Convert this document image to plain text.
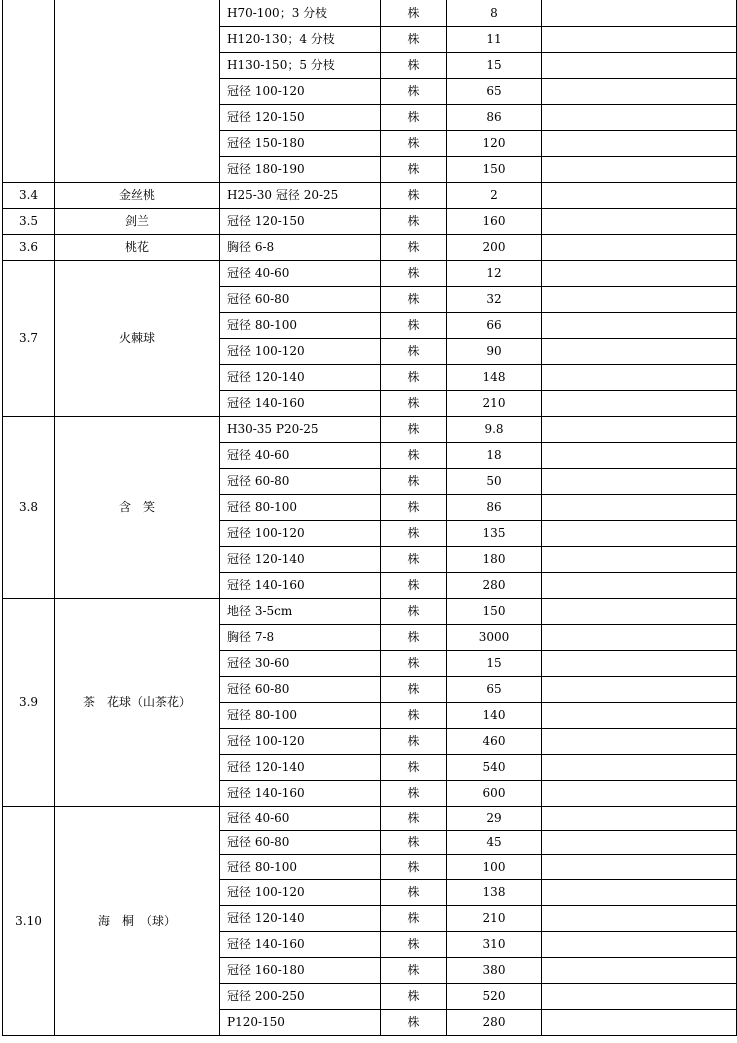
		H70-100；3 分枝	株	8	
		H120-130；4 分枝	株	11	
		H130-150；5 分枝	株	15	
		冠径 100-120	株	65	
		冠径 120-150	株	86	
		冠径 150-180	株	120	
		冠径 180-190	株	150	
3.4	金丝桃	H25-30 冠径 20-25	株	2	
3.5	剑兰	冠径 120-150	株	160	
3.6	桃花	胸径 6-8	株	200	
3.7	火棘球	冠径 40-60	株	12	
		冠径 60-80	株	32	
		冠径 80-100	株	66	
		冠径 100-120	株	90	
		冠径 120-140	株	148	
		冠径 140-160	株	210	
3.8	含　笑	H30-35 P20-25	株	9.8	
		冠径 40-60	株	18	
		冠径 60-80	株	50	
		冠径 80-100	株	86	
		冠径 100-120	株	135	
		冠径 120-140	株	180	
		冠径 140-160	株	280	
3.9	茶　花球（山茶花）	地径 3-5cm	株	150	
		胸径 7-8	株	3000	
		冠径 30-60	株	15	
		冠径 60-80	株	65	
		冠径 80-100	株	140	
		冠径 100-120	株	460	
		冠径 120-140	株	540	
		冠径 140-160	株	600	
3.10	海　桐　（球）	冠径 40-60	株	29	
		冠径 60-80	株	45	
		冠径 80-100	株	100	
		冠径 100-120	株	138	
		冠径 120-140	株	210	
		冠径 140-160	株	310	
		冠径 160-180	株	380	
		冠径 200-250	株	520	
		P120-150	株	280	
